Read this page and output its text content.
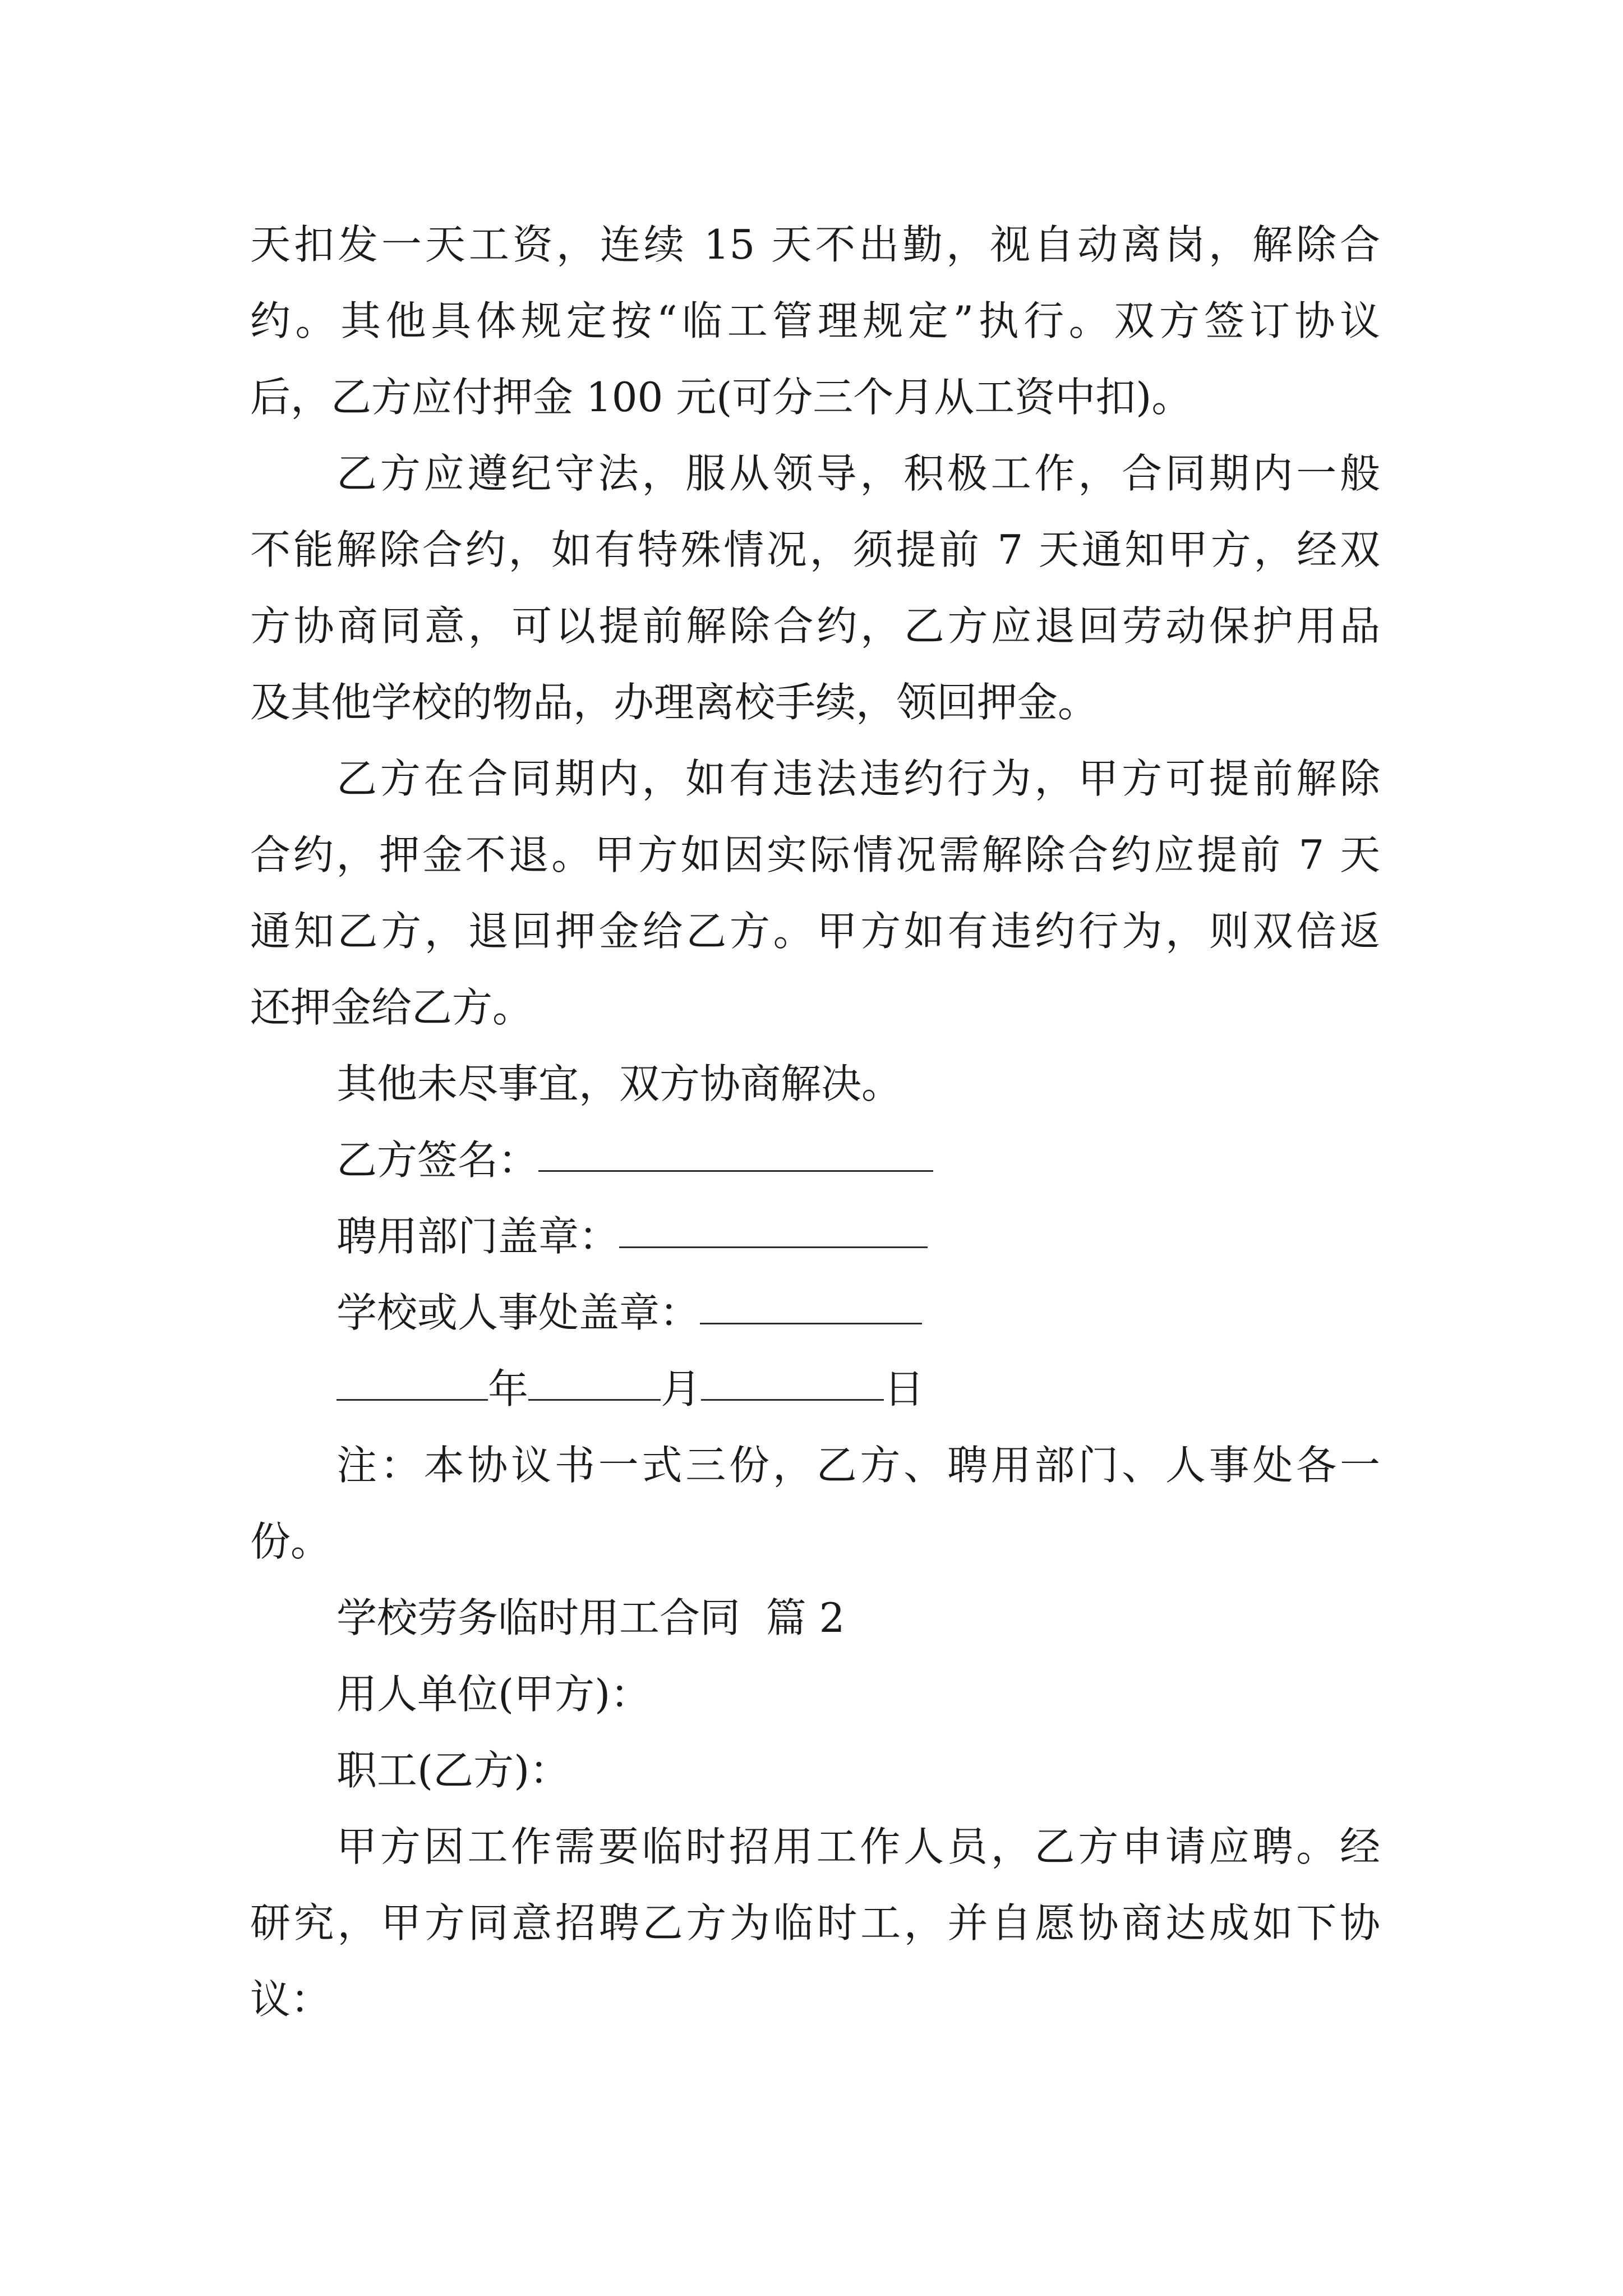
天扣发一天工资，连续 15 天不出勤，视自动离岗，解除合
约。其他具体规定按“临工管理规定”执行。双方签订协议
后，乙方应付押金 100 元(可分三个月从工资中扣)。
乙方应遵纪守法，服从领导，积极工作，合同期内一般
不能解除合约，如有特殊情况，须提前 7 天通知甲方，经双
方协商同意，可以提前解除合约，乙方应退回劳动保护用品
及其他学校的物品，办理离校手续，领回押金。
乙方在合同期内，如有违法违约行为，甲方可提前解除
合约，押金不退。甲方如因实际情况需解除合约应提前 7 天
通知乙方，退回押金给乙方。甲方如有违约行为，则双倍返
还押金给乙方。
其他未尽事宜，双方协商解决。
乙方签名：
聘用部门盖章：
学校或人事处盖章：
年	月	日
注：本协议书一式三份，乙方、聘用部门、人事处各一
份。
学校劳务临时用工合同  篇 2
用人单位(甲方)：
职工(乙方)：
甲方因工作需要临时招用工作人员，乙方申请应聘。经
研究，甲方同意招聘乙方为临时工，并自愿协商达成如下协
议：
